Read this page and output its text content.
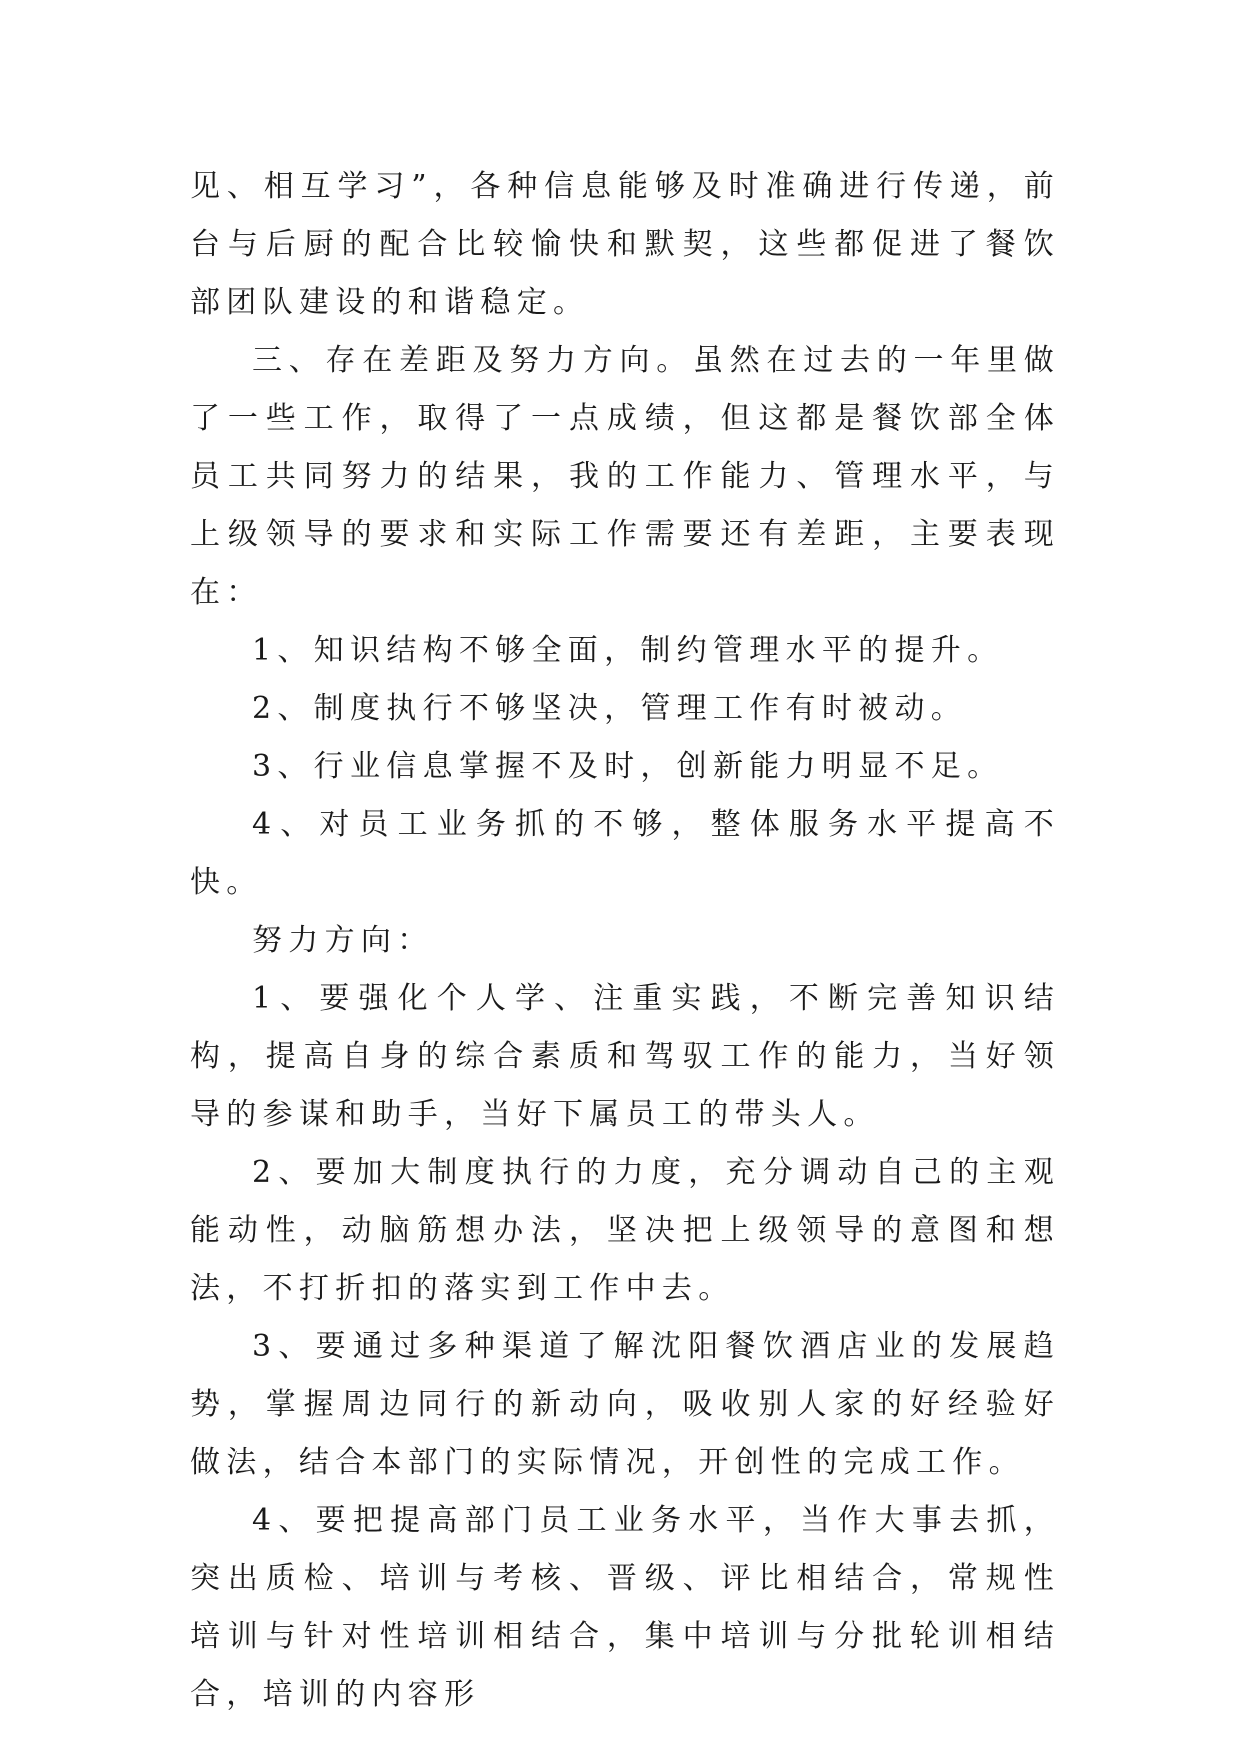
见、相互学习”，各种信息能够及时准确进行传递，前台与后厨的配合比较愉快和默契，这些都促进了餐饮部团队建设的和谐稳定。

三、存在差距及努力方向。虽然在过去的一年里做了一些工作，取得了一点成绩，但这都是餐饮部全体员工共同努力的结果，我的工作能力、管理水平，与上级领导的要求和实际工作需要还有差距，主要表现在：

1、知识结构不够全面，制约管理水平的提升。

2、制度执行不够坚决，管理工作有时被动。

3、行业信息掌握不及时，创新能力明显不足。

4、对员工业务抓的不够，整体服务水平提高不快。

努力方向：

1、要强化个人学、注重实践，不断完善知识结构，提高自身的综合素质和驾驭工作的能力，当好领导的参谋和助手，当好下属员工的带头人。

2、要加大制度执行的力度，充分调动自己的主观能动性，动脑筋想办法，坚决把上级领导的意图和想法，不打折扣的落实到工作中去。

3、要通过多种渠道了解沈阳餐饮酒店业的发展趋势，掌握周边同行的新动向，吸收别人家的好经验好做法，结合本部门的实际情况，开创性的完成工作。

4、要把提高部门员工业务水平，当作大事去抓，突出质检、培训与考核、晋级、评比相结合，常规性培训与针对性培训相结合，集中培训与分批轮训相结合，培训的内容形
